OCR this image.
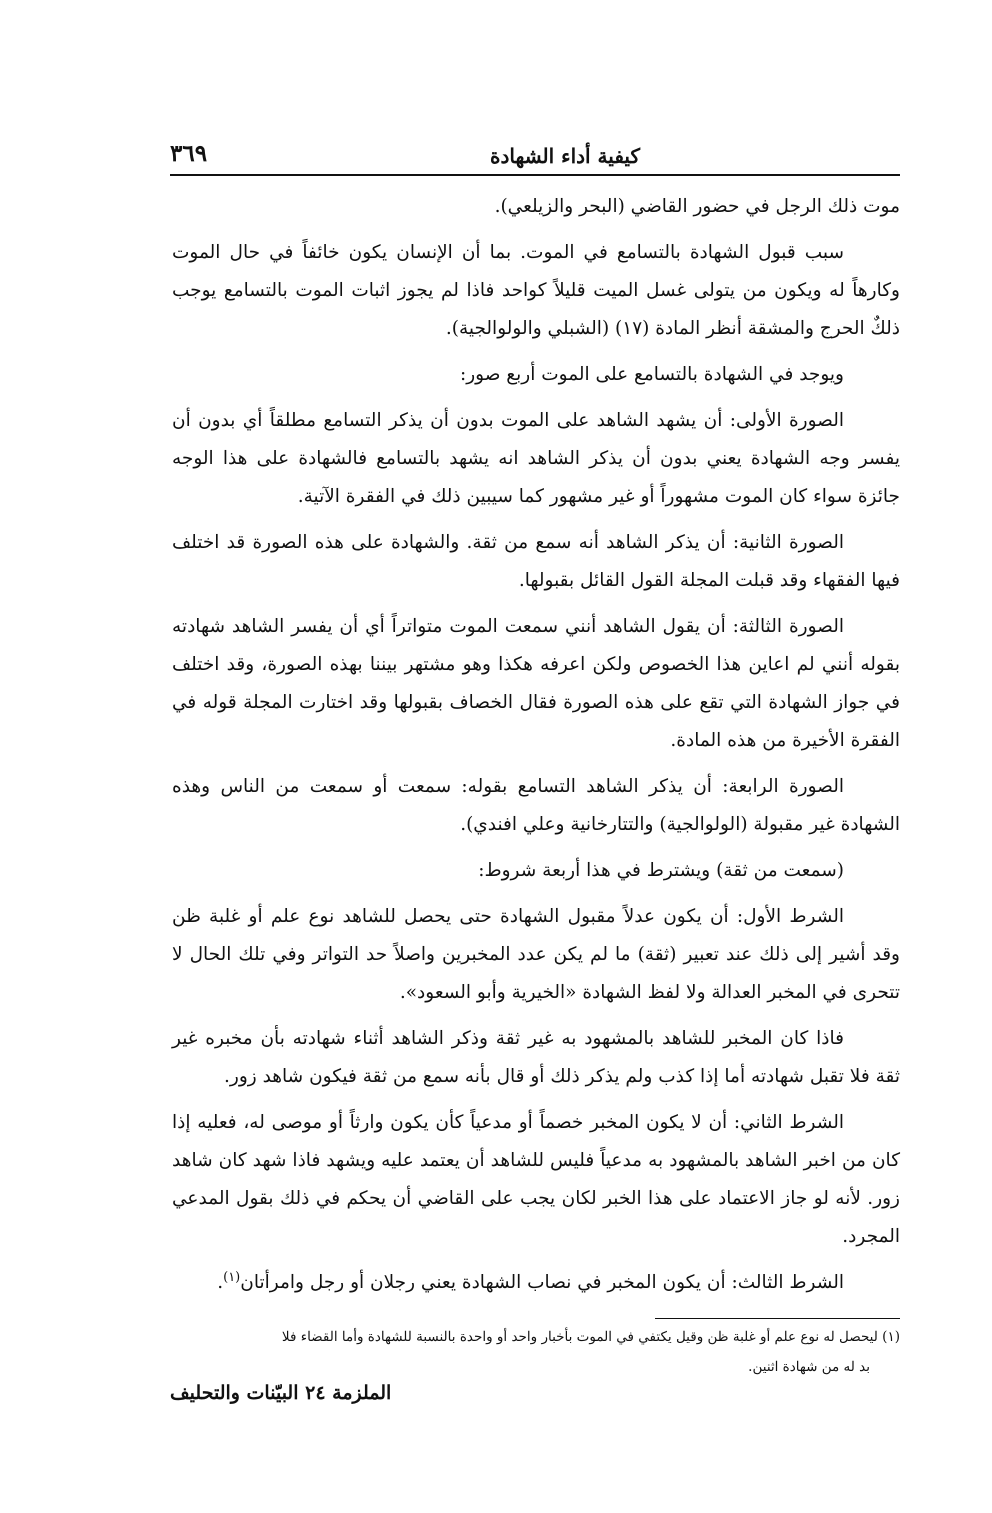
كيفية أداء الشهادة
٣٦٩

موت ذلك الرجل في حضور القاضي (البحر والزيلعي).

سبب قبول الشهادة بالتسامع في الموت. بما أن الإنسان يكون خائفاً في حال الموت وكارهاً له ويكون من يتولى غسل الميت قليلاً كواحد فاذا لم يجوز اثبات الموت بالتسامع يوجب ذلكٌ الحرج والمشقة أنظر المادة (١٧) (الشبلي والولوالجية).

ويوجد في الشهادة بالتسامع على الموت أربع صور:

الصورة الأولى: أن يشهد الشاهد على الموت بدون أن يذكر التسامع مطلقاً أي بدون أن يفسر وجه الشهادة يعني بدون أن يذكر الشاهد انه يشهد بالتسامع فالشهادة على هذا الوجه جائزة سواء كان الموت مشهوراً أو غير مشهور كما سيبين ذلك في الفقرة الآتية.

الصورة الثانية: أن يذكر الشاهد أنه سمع من ثقة. والشهادة على هذه الصورة قد اختلف فيها الفقهاء وقد قبلت المجلة القول القائل بقبولها.

الصورة الثالثة: أن يقول الشاهد أنني سمعت الموت متواتراً أي أن يفسر الشاهد شهادته بقوله أنني لم اعاين هذا الخصوص ولكن اعرفه هكذا وهو مشتهر بيننا بهذه الصورة، وقد اختلف في جواز الشهادة التي تقع على هذه الصورة فقال الخصاف بقبولها وقد اختارت المجلة قوله في الفقرة الأخيرة من هذه المادة.

الصورة الرابعة: أن يذكر الشاهد التسامع بقوله: سمعت أو سمعت من الناس وهذه الشهادة غير مقبولة (الولوالجية) والتتارخانية وعلي افندي).

(سمعت من ثقة) ويشترط في هذا أربعة شروط:

الشرط الأول: أن يكون عدلاً مقبول الشهادة حتى يحصل للشاهد نوع علم أو غلبة ظن وقد أشير إلى ذلك عند تعبير (ثقة) ما لم يكن عدد المخبرين واصلاً حد التواتر وفي تلك الحال لا تتحرى في المخبر العدالة ولا لفظ الشهادة «الخيرية وأبو السعود».

فاذا كان المخبر للشاهد بالمشهود به غير ثقة وذكر الشاهد أثناء شهادته بأن مخبره غير ثقة فلا تقبل شهادته أما إذا كذب ولم يذكر ذلك أو قال بأنه سمع من ثقة فيكون شاهد زور.

الشرط الثاني: أن لا يكون المخبر خصماً أو مدعياً كأن يكون وارثاً أو موصى له، فعليه إذا كان من اخبر الشاهد بالمشهود به مدعياً فليس للشاهد أن يعتمد عليه ويشهد فاذا شهد كان شاهد زور. لأنه لو جاز الاعتماد على هذا الخبر لكان يجب على القاضي أن يحكم في ذلك بقول المدعي المجرد.

الشرط الثالث: أن يكون المخبر في نصاب الشهادة يعني رجلان أو رجل وامرأتان$^{(١)}$.

(١) ليحصل له نوع علم أو غلبة ظن وقيل يكتفي في الموت بأخبار واحد أو واحدة بالنسبة للشهادة وأما القضاء فلا
بد له من شهادة اثنين.
الملزمة ٢٤ البيّنات والتحليف
